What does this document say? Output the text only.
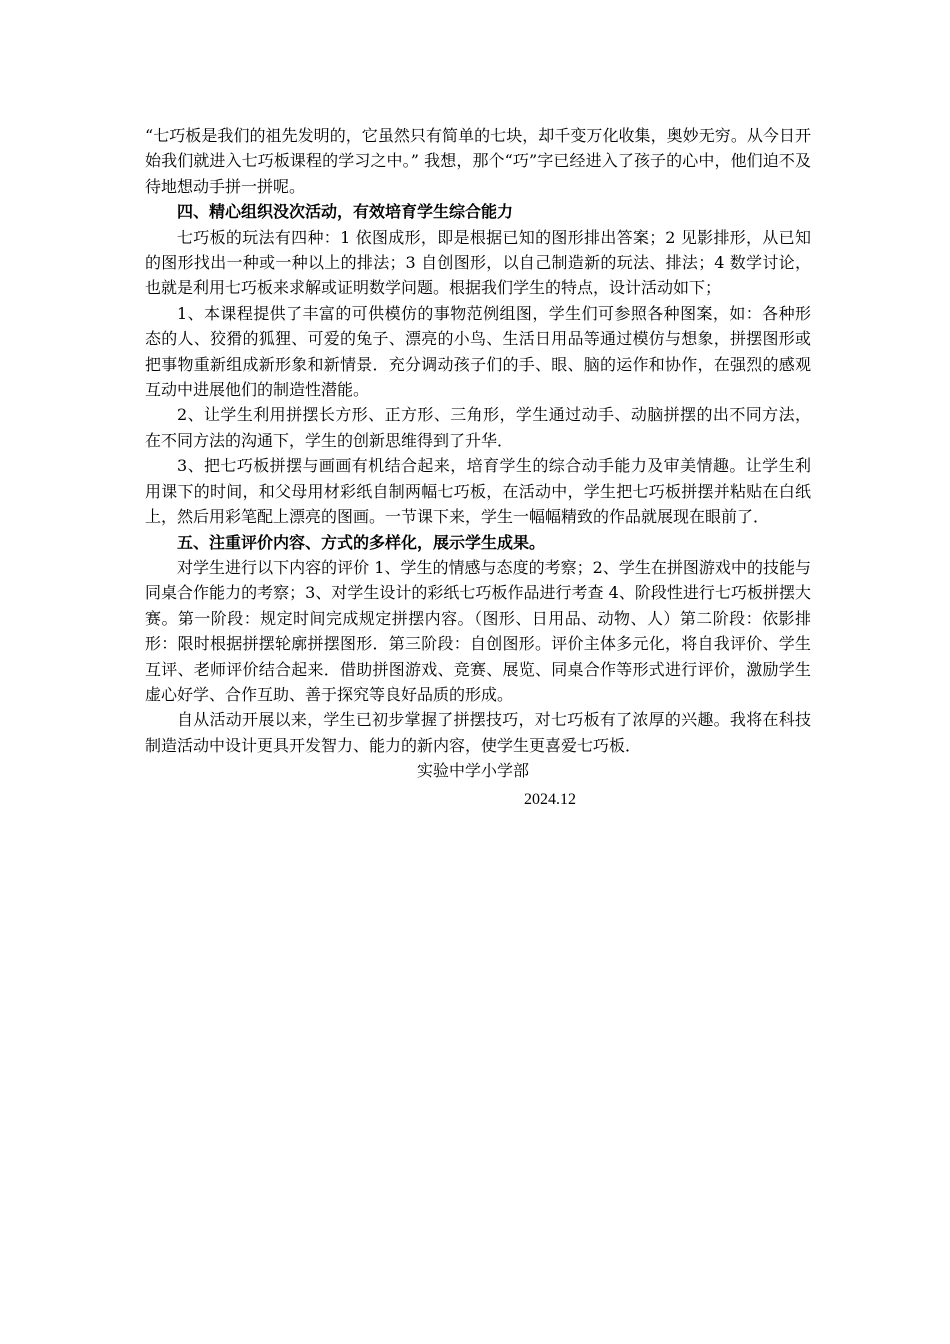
“七巧板是我们的祖先发明的，它虽然只有简单的七块，却千变万化收集，奥妙无穷。从今日开始我们就进入七巧板课程的学习之中。” 我想，那个“巧”字已经进入了孩子的心中，他们迫不及待地想动手拼一拼呢。

四、精心组织没次活动，有效培育学生综合能力

七巧板的玩法有四种：1 依图成形，即是根据已知的图形排出答案；2 见影排形，从已知的图形找出一种或一种以上的排法；3 自创图形，以自己制造新的玩法、排法；4 数学讨论，也就是利用七巧板来求解或证明数学问题。根据我们学生的特点，设计活动如下；

1、本课程提供了丰富的可供模仿的事物范例组图，学生们可参照各种图案，如：各种形态的人、狡猾的狐狸、可爱的兔子、漂亮的小鸟、生活日用品等通过模仿与想象，拼摆图形或把事物重新组成新形象和新情景．充分调动孩子们的手、眼、脑的运作和协作，在强烈的感观互动中进展他们的制造性潜能。

2、让学生利用拼摆长方形、正方形、三角形，学生通过动手、动脑拼摆的出不同方法，在不同方法的沟通下，学生的创新思维得到了升华．

3、把七巧板拼摆与画画有机结合起来，培育学生的综合动手能力及审美情趣。让学生利用课下的时间，和父母用材彩纸自制两幅七巧板，在活动中，学生把七巧板拼摆并粘贴在白纸上，然后用彩笔配上漂亮的图画。一节课下来，学生一幅幅精致的作品就展现在眼前了．

五、注重评价内容、方式的多样化，展示学生成果。

对学生进行以下内容的评价 1、学生的情感与态度的考察；2、学生在拼图游戏中的技能与同桌合作能力的考察；3、对学生设计的彩纸七巧板作品进行考查 4、阶段性进行七巧板拼摆大赛。第一阶段：规定时间完成规定拼摆内容。（图形、日用品、动物、人）第二阶段：依影排形：限时根据拼摆轮廓拼摆图形．第三阶段：自创图形。评价主体多元化，将自我评价、学生互评、老师评价结合起来．借助拼图游戏、竞赛、展览、同桌合作等形式进行评价，激励学生虚心好学、合作互助、善于探究等良好品质的形成。

自从活动开展以来，学生已初步掌握了拼摆技巧，对七巧板有了浓厚的兴趣。我将在科技制造活动中设计更具开发智力、能力的新内容，使学生更喜爱七巧板．

实验中学小学部

2024.12
